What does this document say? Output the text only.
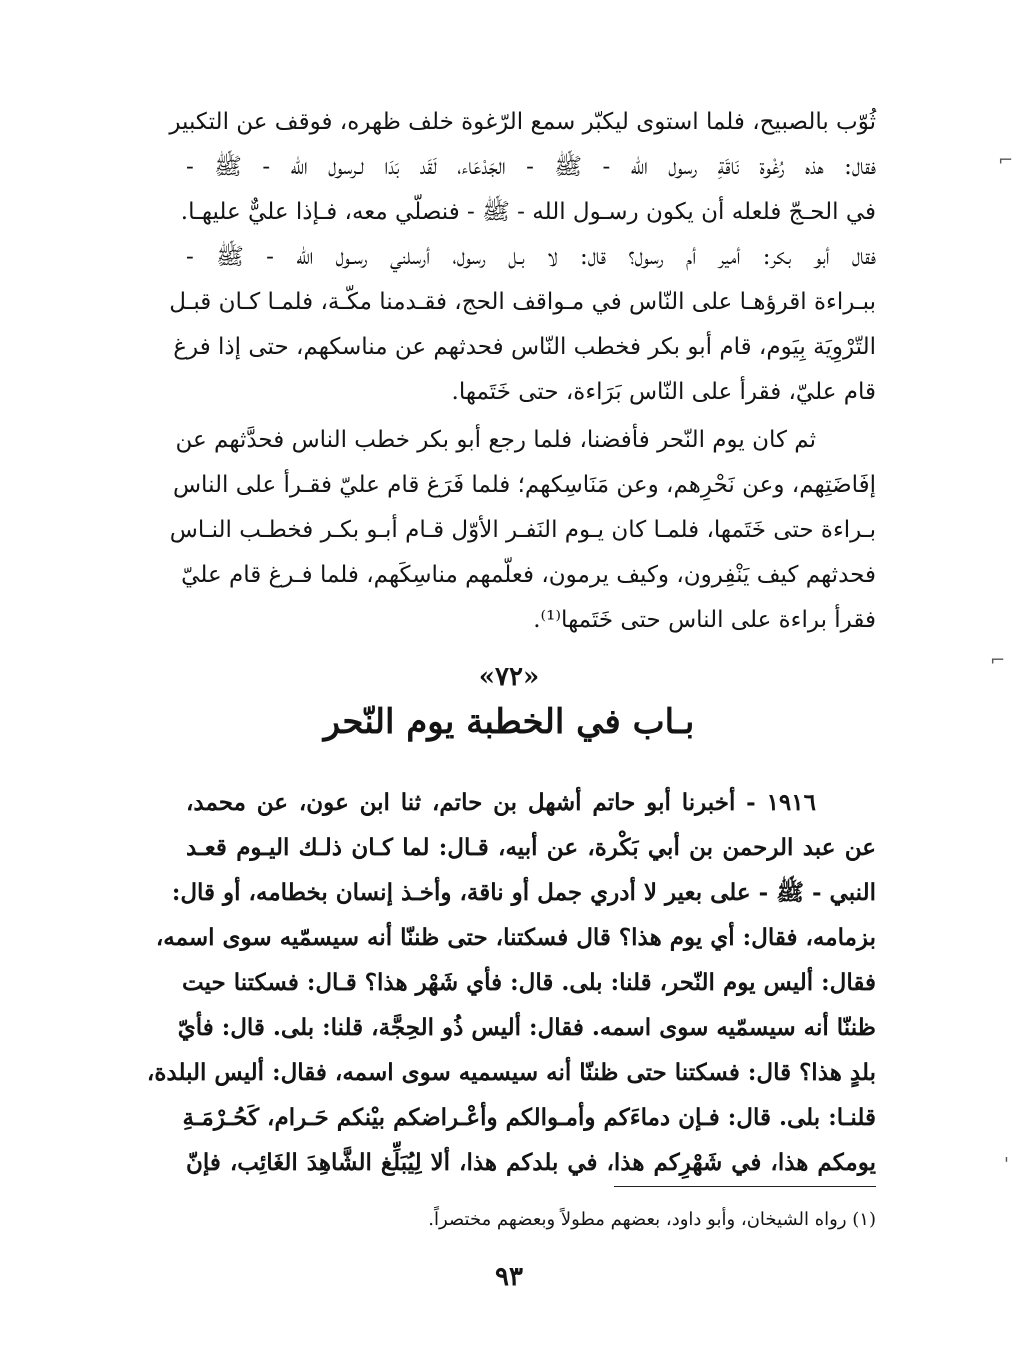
ثُوّب بالصبيح، فلما استوى ليكبّر سمع الرّغوة خلف ظهره، فوقف عن التكبير
فقال: هذه رُغْوة نَاقَةِ رسول الله - ﷺ - الجَدْعَاء، لَقَد بَدَا لـرسول الله - ﷺ -
في الحـجّ فلعله أن يكون رسـول الله - ﷺ - فنصلّي معه، فـإذا عليٌّ عليهـا.
فقال أبو بكر: أمير أم رسول؟ قال: لا بـل رسول، أرسلني رسـول الله - ﷺ -
ببـراءة اقرؤهـا على النّاس في مـواقف الحج، فقـدمنا مكّـة، فلمـا كـان قبـل
التّرْوِيَة بِيَوم، قام أبو بكر فخطب النّاس فحدثهم عن مناسكهم، حتى إذا فرغ
قام عليّ، فقرأ على النّاس بَرَاءة، حتى خَتَمها.
ثم كان يوم النّحر فأفضنا، فلما رجع أبو بكر خطب الناس فحدَّثهم عن
إفَاضَتِهم، وعن نَحْرِهم، وعن مَنَاسِكهم؛ فلما فَرَغ قام عليّ فقـرأ على الناس
بـراءة حتى خَتَمها، فلمـا كان يـوم النَفـر الأوّل قـام أبـو بكـر فخطـب النـاس
فحدثهم كيف يَنْفِرون، وكيف يرمون، فعلّمهم مناسِكَهم، فلما فـرغ قام عليّ
فقرأ براءة على الناس حتى خَتَمها⁽¹⁾.
«٧٢»
بـاب في الخطبة يوم النّحر
١٩١٦ - أخبرنا أبو حاتم أشهل بن حاتم، ثنا ابن عون، عن محمد،
عن عبد الرحمن بن أبي بَكْرة، عن أبيه، قـال: لما كـان ذلـك اليـوم قعـد
النبي - ﷺ - على بعير لا أدري جمل أو ناقة، وأخـذ إنسان بخطامه، أو قال:
بزمامه، فقال: أي يوم هذا؟ قال فسكتنا، حتى ظننّا أنه سيسمّيه سوى اسمه،
فقال: أليس يوم النّحر، قلنا: بلى. قال: فأي شَهْر هذا؟ قـال: فسكتنا حيت
ظننّا أنه سيسمّيه سوى اسمه. فقال: أليس ذُو الحِجَّة، قلنا: بلى. قال: فأيّ
بلدٍ هذا؟ قال: فسكتنا حتى ظننّا أنه سيسميه سوى اسمه، فقال: أليس البلدة،
قلنـا: بلى. قال: فـإن دماءَكم وأمـوالكم وأعْـراضكم بيْنكم حَـرام، كَحُـرْمَـةِ
يومكم هذا، في شَهْرِكم هذا، في بلدكم هذا، ألا لِيُبَلِّغ الشَّاهِدَ الغَائِب، فإنّ
(١) رواه الشيخان، وأبو داود، بعضهم مطولاً وبعضهم مختصراً.
٩٣
⌐
⌐
'
